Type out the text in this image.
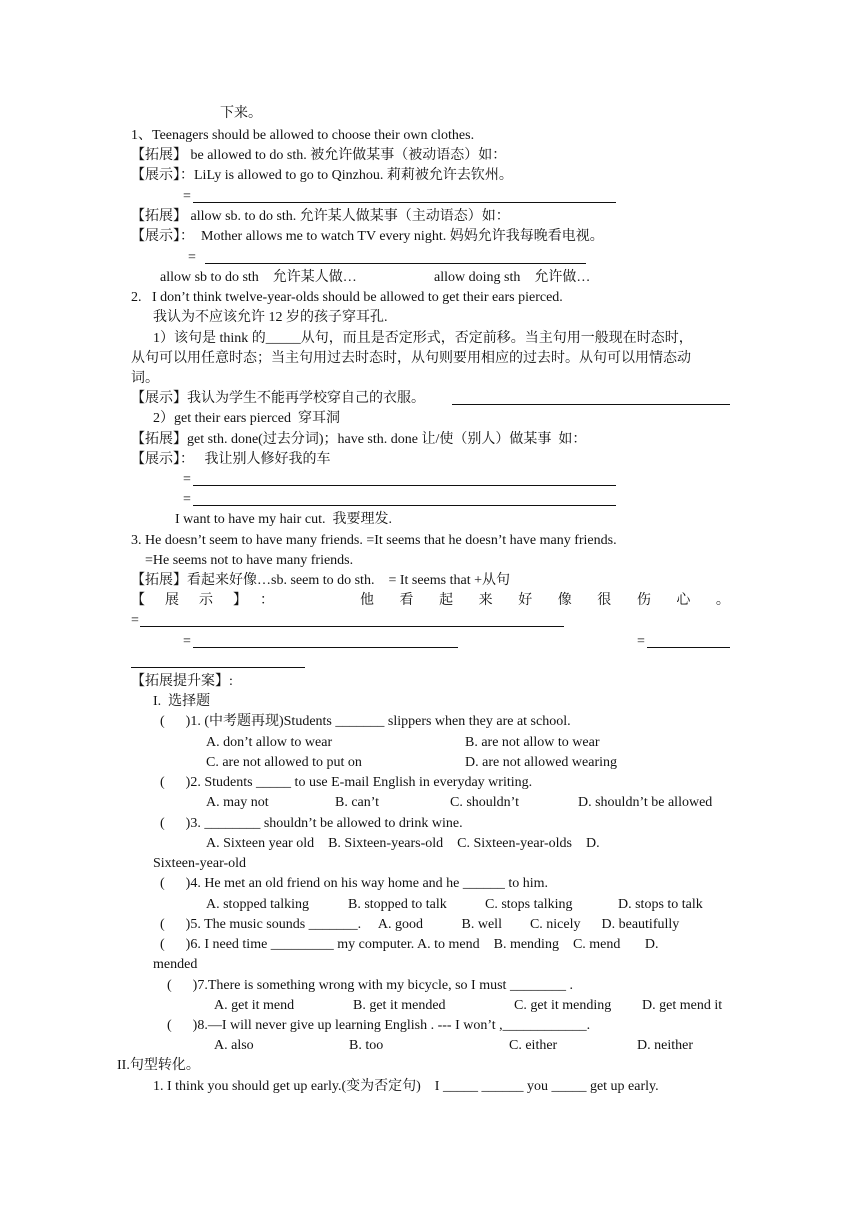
下来。
1、Teenagers should be allowed to choose their own clothes.
【拓展】 be allowed to do sth. 被允许做某事（被动语态）如：
【展示】：LiLy is allowed to go to Qinzhou. 莉莉被允许去钦州。
=
【拓展】 allow sb. to do sth. 允许某人做某事（主动语态）如：
【展示】：  Mother allows me to watch TV every night. 妈妈允许我每晚看电视。
=
allow sb to do sth    允许某人做…	allow doing sth    允许做…
2.   I don’t think twelve-year-olds should be allowed to get their ears pierced.
我认为不应该允许 12 岁的孩子穿耳孔.
1）该句是 think 的_____从句，而且是否定形式，否定前移。当主句用一般现在时态时，
从句可以用任意时态；当主句用过去时态时，从句则要用相应的过去时。从句可以用情态动
词。
【展示】我认为学生不能再学校穿自己的衣服。
2）get their ears pierced  穿耳洞
【拓展】get sth. done(过去分词)；have sth. done 让/使（别人）做某事  如：
【展示】：   我让别人修好我的车
=
=
I want to have my hair cut.  我要理发.
3. He doesn’t seem to have many friends. =It seems that he doesn’t have many friends.
=He seems not to have many friends.
【拓展】看起来好像…sb. seem to do sth.    = It seems that +从句
【展示】：	他 看 起 来 好 像 很 伤 心 。
=
=	=
【拓展提升案】:
I.  选择题
(      )1. (中考题再现)Students _______ slippers when they are at school.
A. don’t allow to wear	B. are not allow to wear
C. are not allowed to put on	D. are not allowed wearing
(      )2. Students _____ to use E-mail English in everyday writing.
A. may not	B. can’t	C. shouldn’t	D. shouldn’t be allowed
(      )3. ________ shouldn’t be allowed to drink wine.
A. Sixteen year old    B. Sixteen-years-old    C. Sixteen-year-olds    D.
Sixteen-year-old
(      )4. He met an old friend on his way home and he ______ to him.
A. stopped talking	B. stopped to talk	C. stops talking	D. stops to talk
(      )5. The music sounds _______.     A. good           B. well        C. nicely      D. beautifully
(      )6. I need time _________ my computer. A. to mend    B. mending    C. mend       D.
mended
(      )7.There is something wrong with my bicycle, so I must ________ .
A. get it mend	B. get it mended	C. get it mending D. get mend it
(      )8.—I will never give up learning English . --- I won’t ,____________.
A. also	B. too	C. either	D. neither
II.句型转化。
1. I think you should get up early.(变为否定句)    I _____ ______ you _____ get up early.
